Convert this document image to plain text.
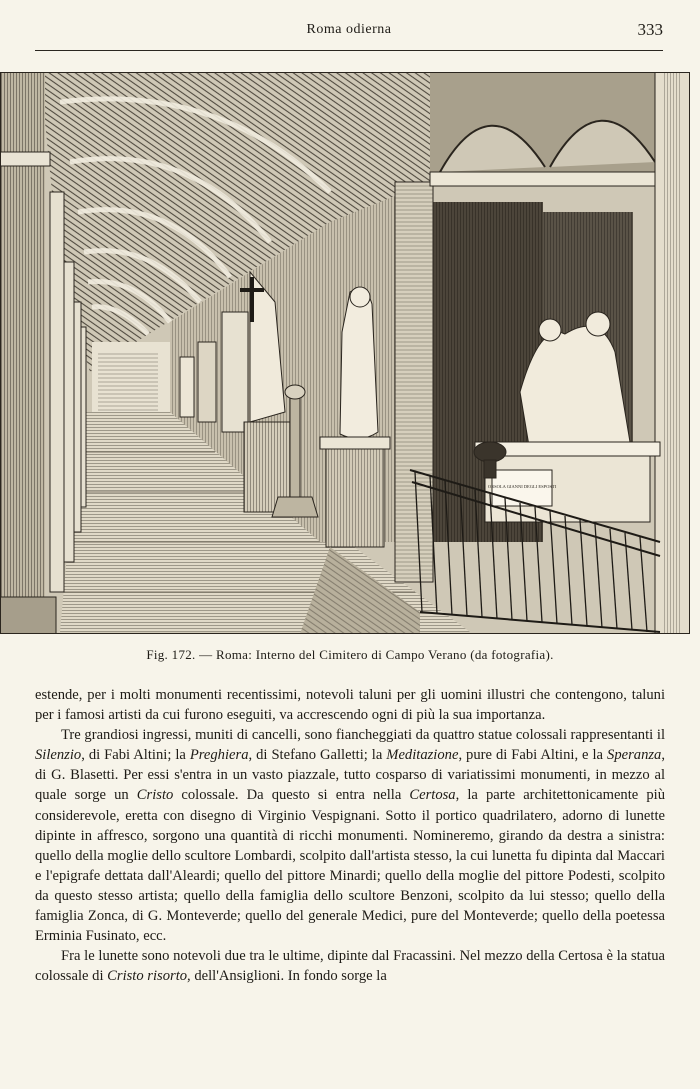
Roma odierna	333
ORSOLA GIANNI DEGLI ESPOSTI
Fig. 172. — Roma: Interno del Cimitero di Campo Verano (da fotografia).

estende, per i molti monumenti recentissimi, notevoli taluni per gli uomini illustri che contengono, taluni per i famosi artisti da cui furono eseguiti, va accrescendo ogni di più la sua importanza.

Tre grandiosi ingressi, muniti di cancelli, sono fiancheggiati da quattro statue colossali rappresentanti il Silenzio, di Fabi Altini; la Preghiera, di Stefano Galletti; la Meditazione, pure di Fabi Altini, e la Speranza, di G. Blasetti. Per essi s'entra in un vasto piazzale, tutto cosparso di variatissimi monumenti, in mezzo al quale sorge un Cristo colossale. Da questo si entra nella Certosa, la parte architettonicamente più considerevole, eretta con disegno di Virginio Vespignani. Sotto il portico quadrilatero, adorno di lunette dipinte in affresco, sorgono una quantità di ricchi monumenti. Nomineremo, girando da destra a sinistra: quello della moglie dello scultore Lombardi, scolpito dall'artista stesso, la cui lunetta fu dipinta dal Maccari e l'epigrafe dettata dall'Aleardi; quello del pittore Minardi; quello della moglie del pittore Podesti, scolpito da questo stesso artista; quello della famiglia dello scultore Benzoni, scolpito da lui stesso; quello della famiglia Zonca, di G. Monteverde; quello del generale Medici, pure del Monteverde; quello della poetessa Erminia Fusinato, ecc.

Fra le lunette sono notevoli due tra le ultime, dipinte dal Fracassini. Nel mezzo della Certosa è la statua colossale di Cristo risorto, dell'Ansiglioni. In fondo sorge la
